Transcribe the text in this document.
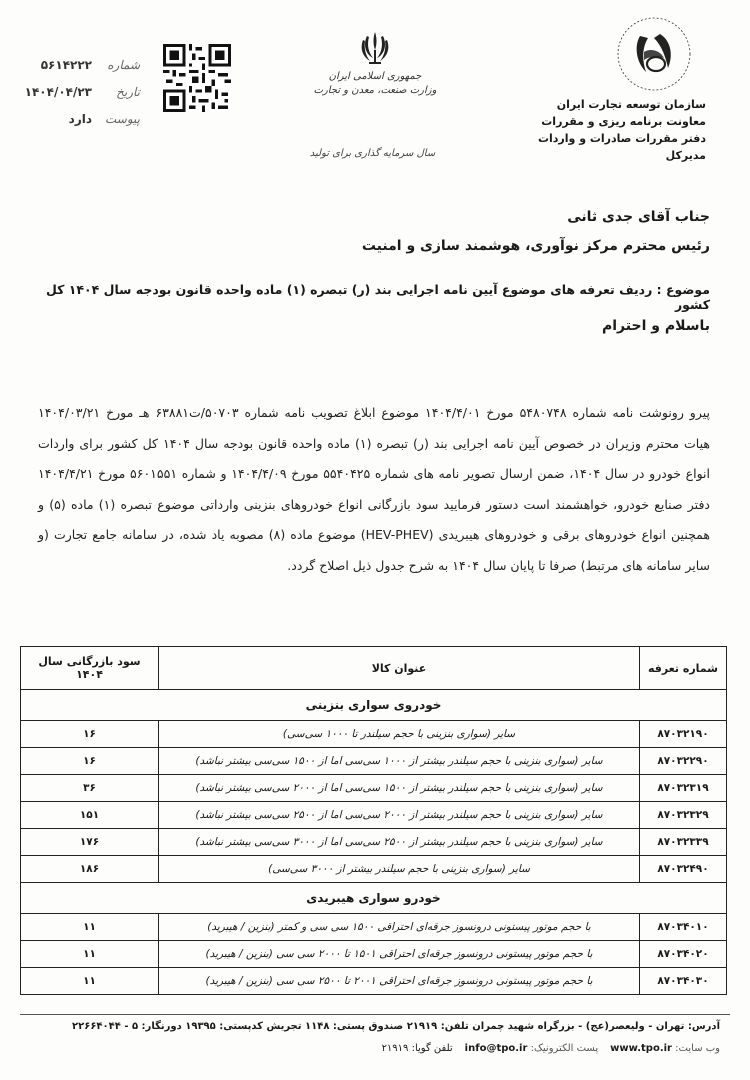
شماره
۵۶۱۴۲۲۲
تاریخ
۱۴۰۴/۰۴/۲۳
پیوست
دارد
جمهوری اسلامی ایران
وزارت صنعت، معدن و تجارت
سال سرمایه گذاری برای تولید
سازمان توسعه تجارت ایران
معاونت برنامه ریزی و مقررات
دفتر مقررات صادرات و واردات
مدیرکل
جناب آقای جدی ثانی
رئیس محترم مرکز نوآوری، هوشمند سازی و امنیت
موضوع : ردیف تعرفه های موضوع آیین نامه اجرایی بند (ر) تبصره (۱) ماده واحده قانون بودجه سال ۱۴۰۴ کل کشور
باسلام و احترام
پیرو رونوشت نامه شماره ۵۴۸۰۷۴۸ مورخ ۱۴۰۴/۴/۰۱ موضوع ابلاغ تصویب نامه شماره ۵۰۷۰۳/ت۶۳۸۸۱ هـ مورخ ۱۴۰۴/۰۳/۲۱ هیات محترم وزیران در خصوص آیین نامه اجرایی بند (ر) تبصره (۱) ماده واحده قانون بودجه سال ۱۴۰۴ کل کشور برای واردات انواع خودرو در سال ۱۴۰۴، ضمن ارسال تصویر نامه های شماره ۵۵۴۰۴۲۵ مورخ ۱۴۰۴/۴/۰۹ و شماره ۵۶۰۱۵۵۱ مورخ ۱۴۰۴/۴/۲۱ دفتر صنایع خودرو، خواهشمند است دستور فرمایید سود بازرگانی انواع خودروهای بنزینی وارداتی موضوع تبصره (۱) ماده (۵) و همچنین انواع خودروهای برقی و خودروهای هیبریدی (HEV-PHEV) موضوع ماده (۸) مصوبه یاد شده، در سامانه جامع تجارت (و سایر سامانه های مرتبط) صرفا تا پایان سال ۱۴۰۴ به شرح جدول ذیل اصلاح گردد.
شماره تعرفه	عنوان کالا	سود بازرگانی سال ۱۴۰۴
خودروی سواری بنزینی		
۸۷۰۳۲۱۹۰	سایر (سواری بنزینی با حجم سیلندر تا ۱۰۰۰ سی‌سی)	۱۶
۸۷۰۳۲۲۹۰	سایر (سواری بنزینی با حجم سیلندر بیشتر از ۱۰۰۰ سی‌سی اما از ۱۵۰۰ سی‌سی بیشتر نباشد)	۱۶
۸۷۰۳۲۳۱۹	سایر (سواری بنزینی با حجم سیلندر بیشتر از ۱۵۰۰ سی‌سی اما از ۲۰۰۰ سی‌سی بیشتر نباشد)	۳۶
۸۷۰۳۲۳۲۹	سایر (سواری بنزینی با حجم سیلندر بیشتر از ۲۰۰۰ سی‌سی اما از ۲۵۰۰ سی‌سی بیشتر نباشد)	۱۵۱
۸۷۰۳۲۳۳۹	سایر (سواری بنزینی با حجم سیلندر بیشتر از ۲۵۰۰ سی‌سی اما از ۳۰۰۰ سی‌سی بیشتر نباشد)	۱۷۶
۸۷۰۳۲۴۹۰	سایر (سواری بنزینی با حجم سیلندر بیشتر از ۳۰۰۰ سی‌سی)	۱۸۶
خودرو سواری هیبریدی		
۸۷۰۳۴۰۱۰	با حجم موتور پیستونی درونسوز جرقه‌ای احتراقی ۱۵۰۰ سی سی و کمتر (بنزین / هیبرید)	۱۱
۸۷۰۳۴۰۲۰	با حجم موتور پیستونی درونسوز جرقه‌ای احتراقی ۱۵۰۱ تا ۲۰۰۰ سی سی (بنزین / هیبرید)	۱۱
۸۷۰۳۴۰۳۰	با حجم موتور پیستونی درونسوز جرقه‌ای احتراقی ۲۰۰۱ تا ۲۵۰۰ سی سی (بنزین / هیبرید)	۱۱
آدرس: تهران - ولیعصر(عج) - بزرگراه شهید چمران تلفن: ۲۱۹۱۹ صندوق پستی: ۱۱۴۸ تجریش کدپستی: ۱۹۳۹۵ دورنگار: ۵ - ۲۲۶۶۴۰۴۴
وب سایت: www.tpo.ir
پست الکترونیک: info@tpo.ir
تلفن گویا: ۲۱۹۱۹
